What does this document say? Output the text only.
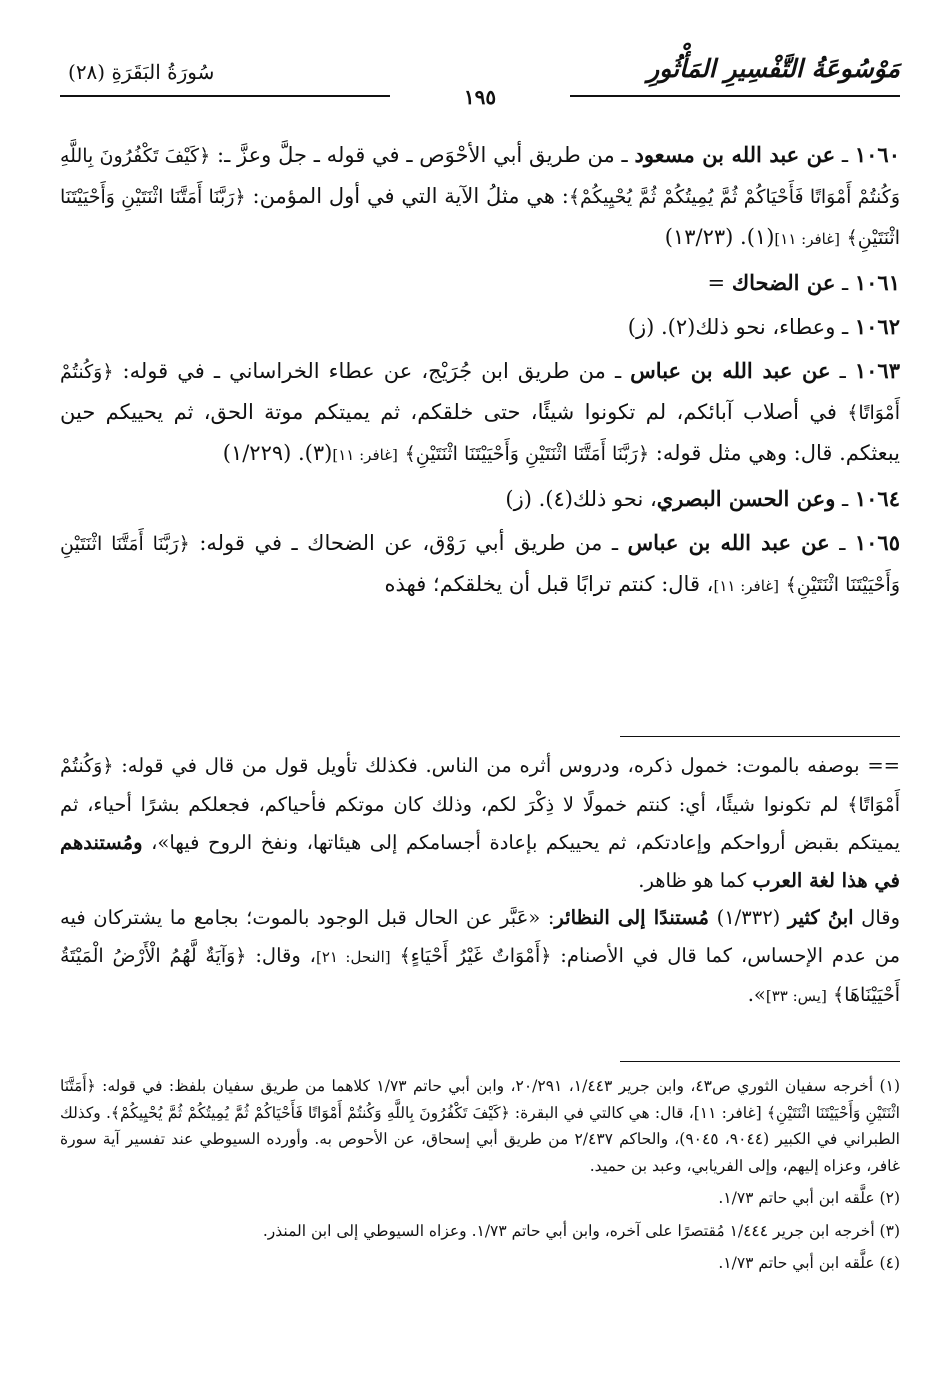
سُورَةُ البَقَرَةِ (٢٨)	مَوْسُوعَةُ التَّفْسِيرِ المَأْثُورِ
١٩٥

١٠٦٠ ـ عن عبد الله بن مسعود ـ من طريق أبي الأحْوَص ـ في قوله ـ جلَّ وعزَّ ـ: ﴿كَيْفَ تَكْفُرُونَ بِاللَّهِ وَكُنتُمْ أَمْوَاتًا فَأَحْيَاكُمْ ثُمَّ يُمِيتُكُمْ ثُمَّ يُحْيِيكُمْ﴾: هي مثلُ الآية التي في أول المؤمن: ﴿رَبَّنَا أَمَتَّنَا اثْنَتَيْنِ وَأَحْيَيْتَنَا اثْنَتَيْنِ﴾ [غافر: ١١](١). (١٣/٢٣)

١٠٦١ ـ عن الضحاك =

١٠٦٢ ـ وعطاء، نحو ذلك(٢). (ز)

١٠٦٣ ـ عن عبد الله بن عباس ـ من طريق ابن جُرَيْج، عن عطاء الخراساني ـ في قوله: ﴿وَكُنتُمْ أَمْوَاتًا﴾ في أصلاب آبائكم، لم تكونوا شيئًا، حتى خلقكم، ثم يميتكم موتة الحق، ثم يحييكم حين يبعثكم. قال: وهي مثل قوله: ﴿رَبَّنَا أَمَتَّنَا اثْنَتَيْنِ وَأَحْيَيْتَنَا اثْنَتَيْنِ﴾ [غافر: ١١](٣). (١/٢٢٩)

١٠٦٤ ـ وعن الحسن البصري، نحو ذلك(٤). (ز)

١٠٦٥ ـ عن عبد الله بن عباس ـ من طريق أبي رَوْق، عن الضحاك ـ في قوله: ﴿رَبَّنَا أَمَتَّنَا اثْنَتَيْنِ وَأَحْيَيْتَنَا اثْنَتَيْنِ﴾ [غافر: ١١]، قال: كنتم ترابًا قبل أن يخلقكم؛ فهذه

== بوصفه بالموت: خمول ذكره، ودروس أثره من الناس. فكذلك تأويل قول من قال في قوله: ﴿وَكُنتُمْ أَمْوَاتًا﴾ لم تكونوا شيئًا، أي: كنتم خمولًا لا ذِكْرَ لكم، وذلك كان موتكم فأحياكم، فجعلكم بشرًا أحياء، ثم يميتكم بقبض أرواحكم وإعادتكم، ثم يحييكم بإعادة أجسامكم إلى هيئاتها، ونفخ الروح فيها»، ومُستندهم في هذا لغة العرب كما هو ظاهر.

وقال ابنُ كثير (١/٣٣٢) مُستندًا إلى النظائر: «عَبَّر عن الحال قبل الوجود بالموت؛ بجامع ما يشتركان فيه من عدم الإحساس، كما قال في الأصنام: ﴿أَمْوَاتٌ غَيْرُ أَحْيَاءٍ﴾ [النحل: ٢١]، وقال: ﴿وَآيَةٌ لَّهُمُ الْأَرْضُ الْمَيْتَةُ أَحْيَيْنَاهَا﴾ [يس: ٣٣]».

(١) أخرجه سفيان الثوري ص٤٣، وابن جرير ١/٤٤٣، ٢٠/٢٩١، وابن أبي حاتم ١/٧٣ كلاهما من طريق سفيان بلفظ: في قوله: ﴿أَمَتَّنَا اثْنَتَيْنِ وَأَحْيَيْتَنَا اثْنَتَيْنِ﴾ [غافر: ١١]، قال: هي كالتي في البقرة: ﴿كَيْفَ تَكْفُرُونَ بِاللَّهِ وَكُنتُمْ أَمْوَاتًا فَأَحْيَاكُمْ ثُمَّ يُمِيتُكُمْ ثُمَّ يُحْيِيكُمْ﴾. وكذلك الطبراني في الكبير (٩٠٤٤، ٩٠٤٥)، والحاكم ٢/٤٣٧ من طريق أبي إسحاق، عن الأحوص به. وأورده السيوطي عند تفسير آية سورة غافر، وعزاه إليهم، وإلى الفريابي، وعبد بن حميد.

(٢) علَّقه ابن أبي حاتم ١/٧٣.

(٣) أخرجه ابن جرير ١/٤٤٤ مُقتصرًا على آخره، وابن أبي حاتم ١/٧٣. وعزاه السيوطي إلى ابن المنذر.

(٤) علَّقه ابن أبي حاتم ١/٧٣.
